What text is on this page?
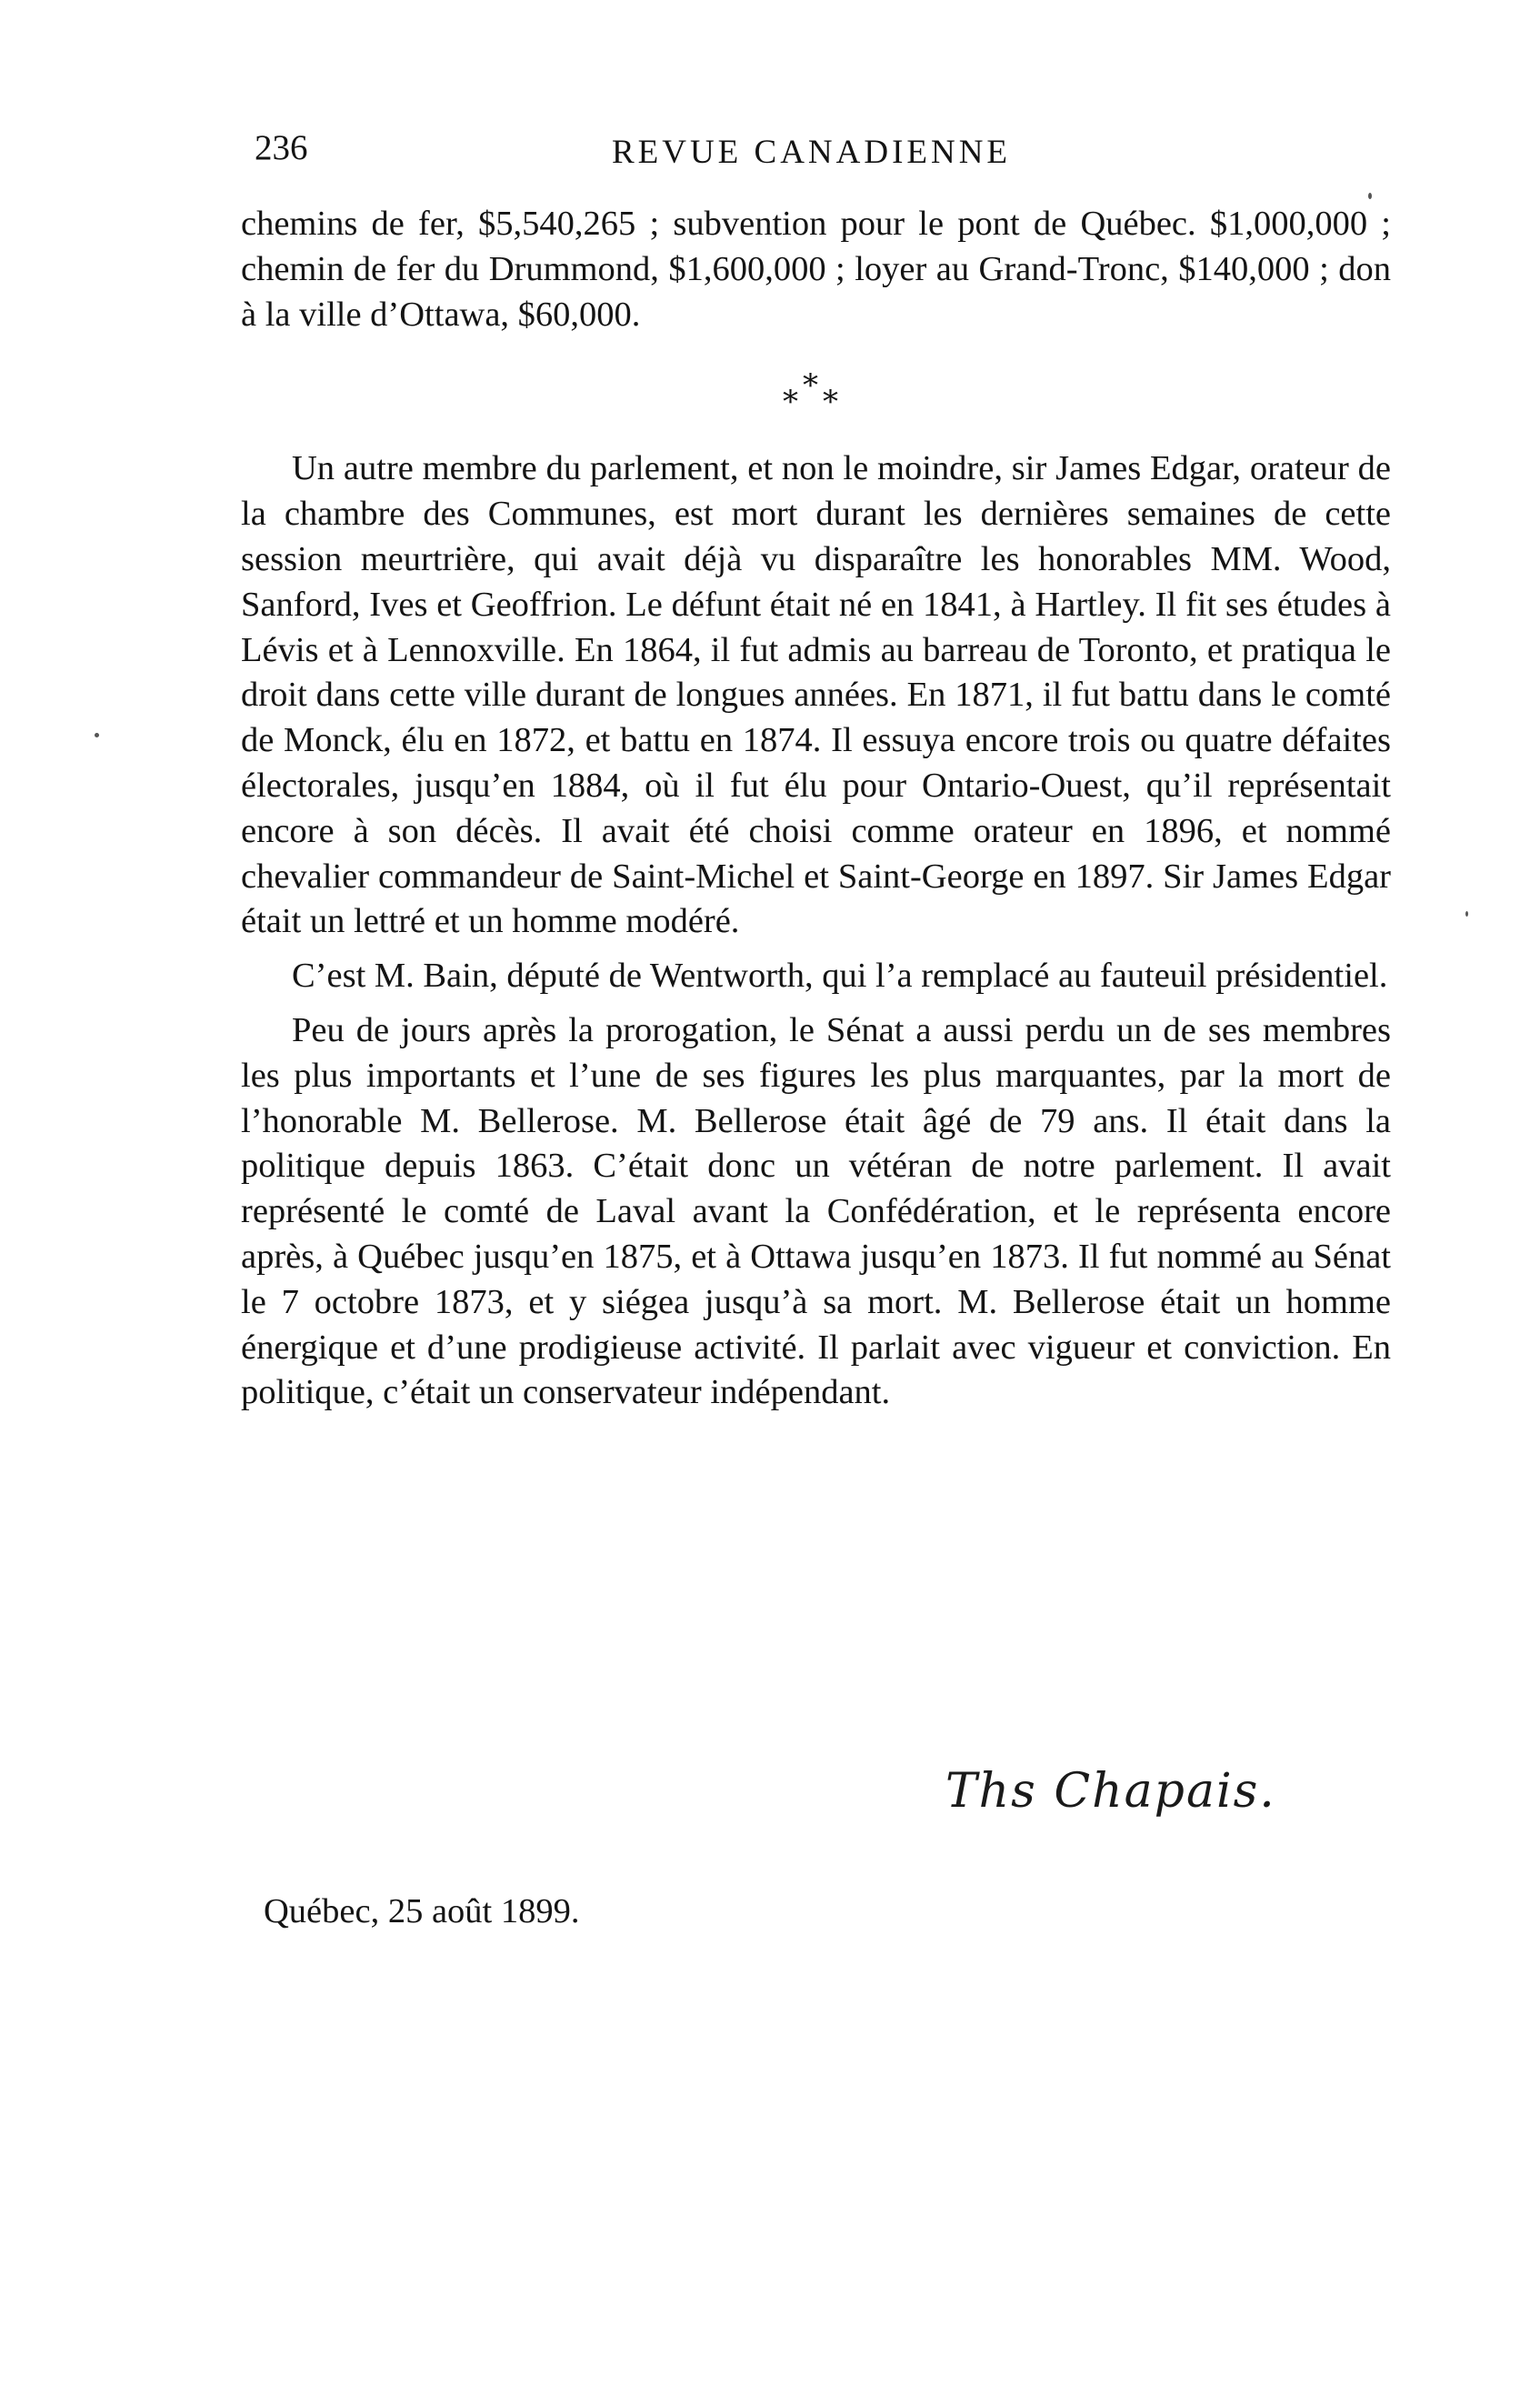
236	REVUE CANADIENNE

chemins de fer, $5,540,265 ; subvention pour le pont de Québec. $1,000,000 ; chemin de fer du Drummond, $1,600,000 ; loyer au Grand-Tronc, $140,000 ; don à la ville d’Ottawa, $60,000.

*
* *

Un autre membre du parlement, et non le moindre, sir James Edgar, orateur de la chambre des Communes, est mort durant les dernières semaines de cette session meurtrière, qui avait déjà vu disparaître les honorables MM. Wood, Sanford, Ives et Geoffrion. Le défunt était né en 1841, à Hartley. Il fit ses études à Lévis et à Lennoxville. En 1864, il fut admis au barreau de Toronto, et pratiqua le droit dans cette ville durant de longues années. En 1871, il fut battu dans le comté de Monck, élu en 1872, et battu en 1874. Il essuya encore trois ou quatre défaites électorales, jusqu’en 1884, où il fut élu pour Ontario-Ouest, qu’il représentait encore à son décès. Il avait été choisi comme orateur en 1896, et nommé chevalier commandeur de Saint-Michel et Saint-George en 1897. Sir James Edgar était un lettré et un homme modéré.

C’est M. Bain, député de Wentworth, qui l’a remplacé au fauteuil présidentiel.

Peu de jours après la prorogation, le Sénat a aussi perdu un de ses membres les plus importants et l’une de ses figures les plus marquantes, par la mort de l’honorable M. Bellerose. M. Bellerose était âgé de 79 ans. Il était dans la politique depuis 1863. C’était donc un vétéran de notre parlement. Il avait représenté le comté de Laval avant la Confédération, et le représenta encore après, à Québec jusqu’en 1875, et à Ottawa jusqu’en 1873. Il fut nommé au Sénat le 7 octobre 1873, et y siégea jusqu’à sa mort. M. Bellerose était un homme énergique et d’une prodigieuse activité. Il parlait avec vigueur et conviction. En politique, c’était un conservateur indépendant.

Ths Chapais.
Québec, 25 août 1899.
